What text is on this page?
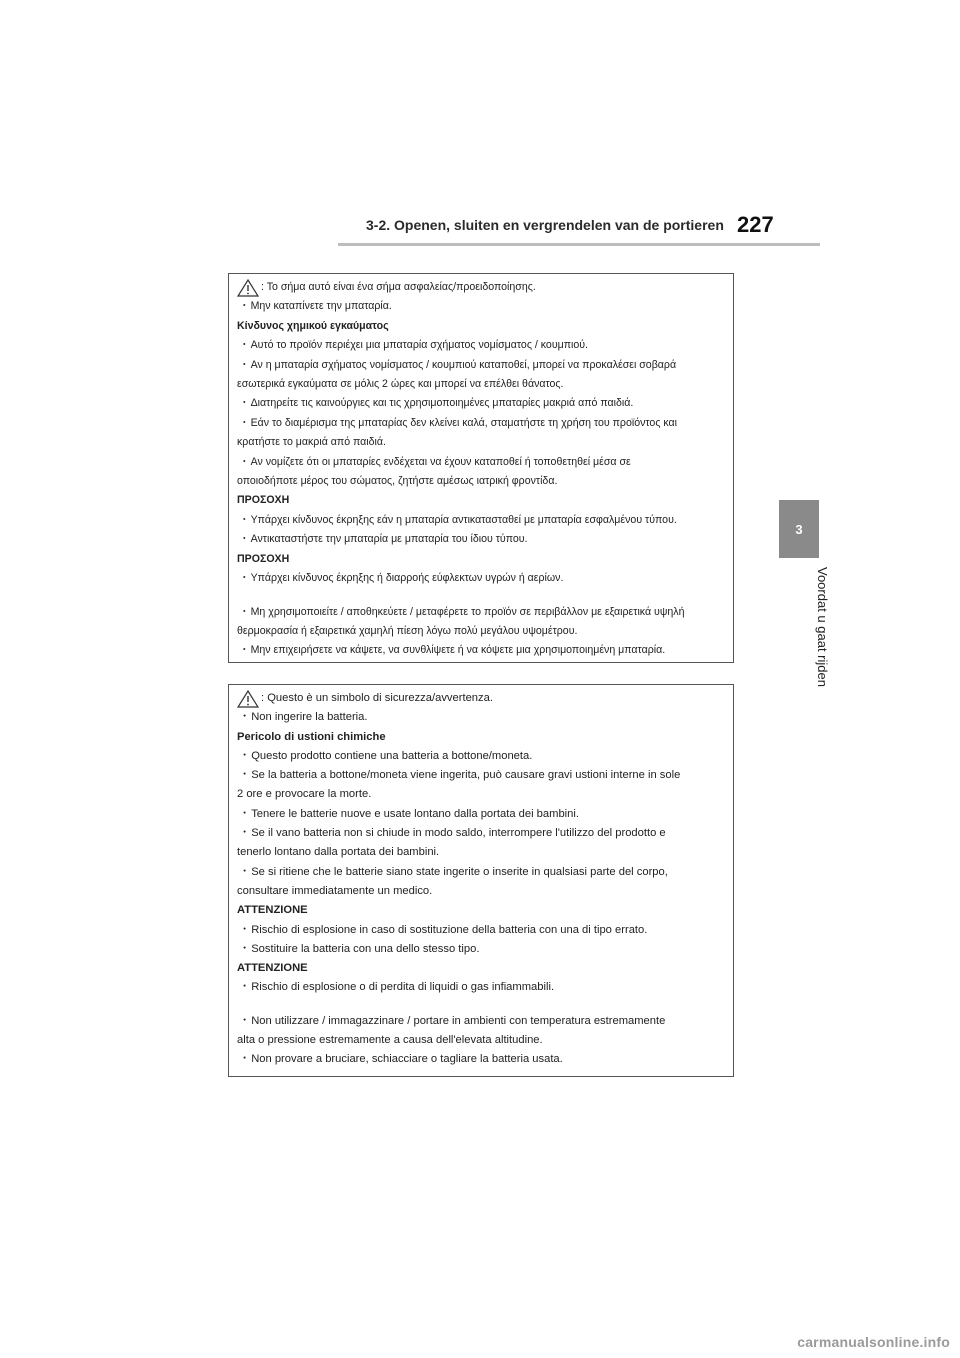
3-2. Openen, sluiten en vergrendelen van de portieren 227
3
Voordat u gaat rijden
: Το σήμα αυτό είναι ένα σήμα ασφαλείας/προειδοποίησης.
・ Μην καταπίνετε την μπαταρία.
Κίνδυνος χημικού εγκαύματος
・ Αυτό το προϊόν περιέχει μια μπαταρία σχήματος νομίσματος / κουμπιού.
・ Αν η μπαταρία σχήματος νομίσματος / κουμπιού καταποθεί, μπορεί να προκαλέσει σοβαρά
εσωτερικά εγκαύματα σε μόλις 2 ώρες και μπορεί να επέλθει θάνατος.
・ Διατηρείτε τις καινούργιες και τις χρησιμοποιημένες μπαταρίες μακριά από παιδιά.
・ Εάν το διαμέρισμα της μπαταρίας δεν κλείνει καλά, σταματήστε τη χρήση του προϊόντος και
κρατήστε το μακριά από παιδιά.
・ Αν νομίζετε ότι οι μπαταρίες ενδέχεται να έχουν καταποθεί ή τοποθετηθεί μέσα σε
οποιοδήποτε μέρος του σώματος, ζητήστε αμέσως ιατρική φροντίδα.
ΠΡΟΣΟΧΗ
・ Υπάρχει κίνδυνος έκρηξης εάν η μπαταρία αντικατασταθεί με μπαταρία εσφαλμένου τύπου.
・ Αντικαταστήστε την μπαταρία με μπαταρία του ίδιου τύπου.
ΠΡΟΣΟΧΗ
・ Υπάρχει κίνδυνος έκρηξης ή διαρροής εύφλεκτων υγρών ή αερίων.
・ Μη χρησιμοποιείτε / αποθηκεύετε / μεταφέρετε το προϊόν σε περιβάλλον με εξαιρετικά υψηλή
θερμοκρασία ή εξαιρετικά χαμηλή πίεση λόγω πολύ μεγάλου υψομέτρου.
・ Μην επιχειρήσετε να κάψετε, να συνθλίψετε ή να κόψετε μια χρησιμοποιημένη μπαταρία.
: Questo è un simbolo di sicurezza/avvertenza.
・ Non ingerire la batteria.
Pericolo di ustioni chimiche
・ Questo prodotto contiene una batteria a bottone/moneta.
・ Se la batteria a bottone/moneta viene ingerita, può causare gravi ustioni interne in sole
2 ore e provocare la morte.
・ Tenere le batterie nuove e usate lontano dalla portata dei bambini.
・ Se il vano batteria non si chiude in modo saldo, interrompere l'utilizzo del prodotto e
tenerlo lontano dalla portata dei bambini.
・ Se si ritiene che le batterie siano state ingerite o inserite in qualsiasi parte del corpo,
consultare immediatamente un medico.
ATTENZIONE
・ Rischio di esplosione in caso di sostituzione della batteria con una di tipo errato.
・ Sostituire la batteria con una dello stesso tipo.
ATTENZIONE
・ Rischio di esplosione o di perdita di liquidi o gas infiammabili.
・ Non utilizzare / immagazzinare / portare in ambienti con temperatura estremamente
alta o pressione estremamente a causa dell'elevata altitudine.
・ Non provare a bruciare, schiacciare o tagliare la batteria usata.
carmanualsonline.info
